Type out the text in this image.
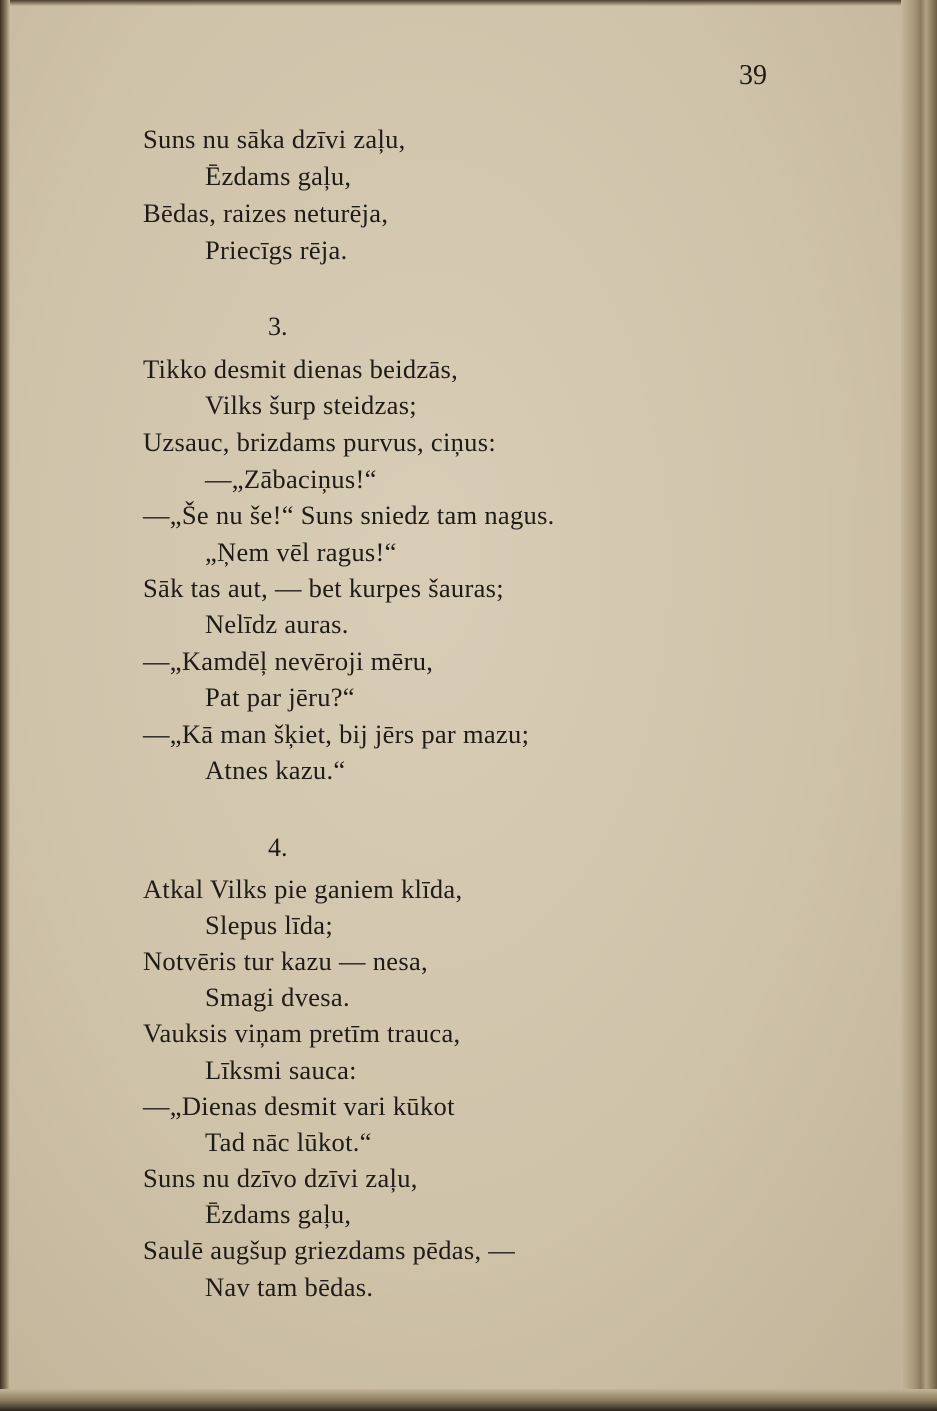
39
Suns nu sāka dzīvi zaļu,
Ēzdams gaļu,
Bēdas, raizes neturēja,
Priecīgs rēja.
3.
Tikko desmit dienas beidzās,
Vilks šurp steidzas;
Uzsauc, brizdams purvus, ciņus:
—„Zābaciņus!“
—„Še nu še!“ Suns sniedz tam nagus.
„Ņem vēl ragus!“
Sāk tas aut, — bet kurpes šauras;
Nelīdz auras.
—„Kamdēļ nevēroji mēru,
Pat par jēru?“
—„Kā man šķiet, bij jērs par mazu;
Atnes kazu.“
4.
Atkal Vilks pie ganiem klīda,
Slepus līda;
Notvēris tur kazu — nesa,
Smagi dvesa.
Vauksis viņam pretīm trauca,
Līksmi sauca:
—„Dienas desmit vari kūkot
Tad nāc lūkot.“
Suns nu dzīvo dzīvi zaļu,
Ēzdams gaļu,
Saulē augšup griezdams pēdas, —
Nav tam bēdas.
